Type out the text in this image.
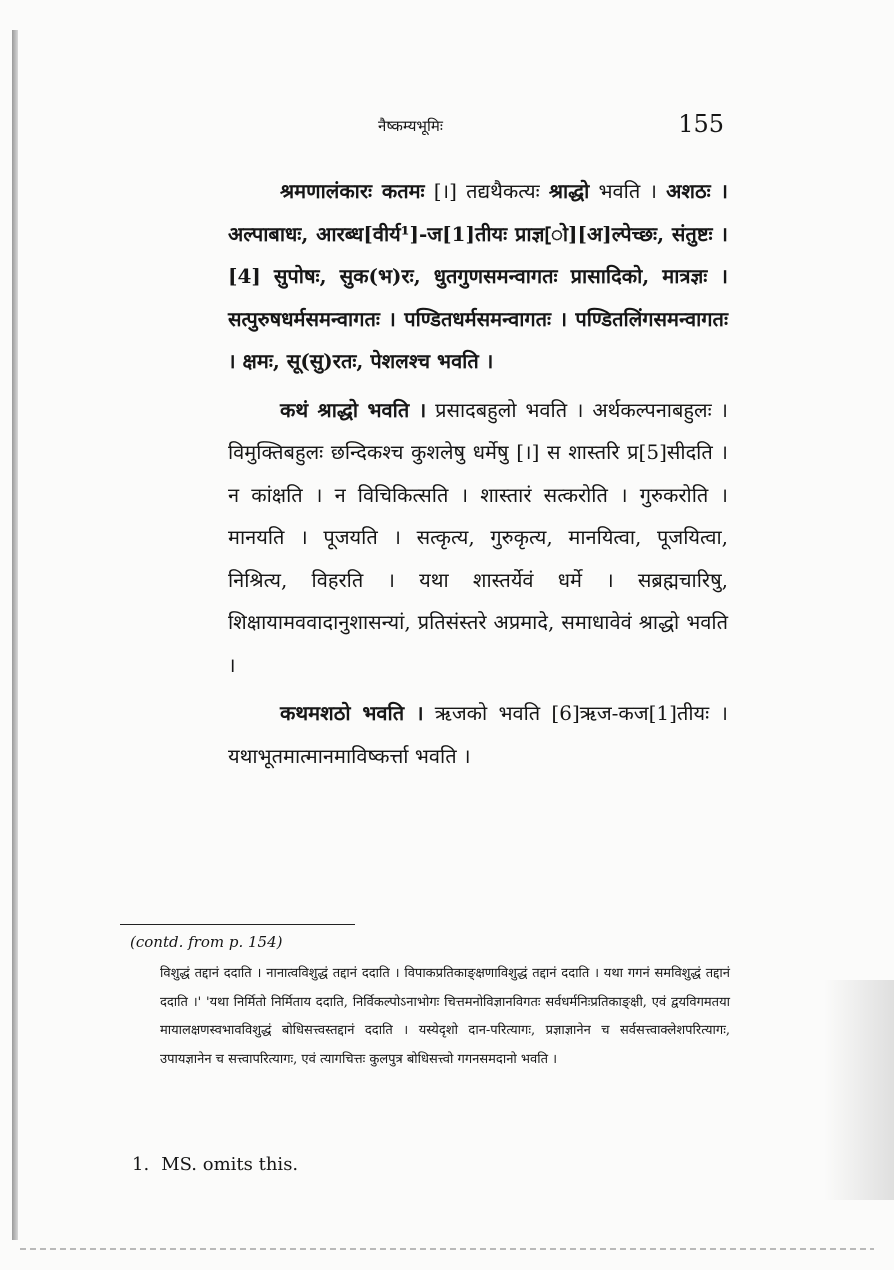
नैष्कम्यभूमिः	155

श्रमणालंकारः कतमः [।] तद्यथैकत्यः श्राद्धो भवति । अशठः । अल्पाबाधः, आरब्ध[वीर्य¹]-ज[1]तीयः प्राज्ञ[ो][अ]ल्पेच्छः, संतुष्टः । [4] सुपोषः, सुक(भ)रः, धुतगुणसमन्वागतः प्रासादिको, मात्रज्ञः । सत्पुरुषधर्मसमन्वागतः । पण्डितधर्मसमन्वागतः । पण्डितलिंगसमन्वागतः । क्षमः, सू(सु)रतः, पेशलश्च भवति ।

कथं श्राद्धो भवति । प्रसादबहुलो भवति । अर्थकल्पनाबहुलः । विमुक्तिबहुलः छन्दिकश्च कुशलेषु धर्मेषु [।] स शास्तरि प्र[5]सीदति । न कांक्षति । न विचिकित्सति । शास्तारं सत्करोति । गुरुकरोति । मानयति । पूजयति । सत्कृत्य, गुरुकृत्य, मानयित्वा, पूजयित्वा, निश्रित्य, विहरति । यथा शास्तर्येवं धर्मे । सब्रह्मचारिषु, शिक्षायामववादानुशासन्यां, प्रतिसंस्तरे अप्रमादे, समाधावेवं श्राद्धो भवति ।

कथमशठो भवति । ऋजको भवति [6]ऋज-कज[1]तीयः । यथाभूतमात्मानमाविष्कर्त्ता भवति ।

(contd. from p. 154)
विशुद्धं तद्दानं ददाति । नानात्वविशुद्धं तद्दानं ददाति । विपाकप्रतिकाङ्क्षणाविशुद्धं तद्दानं ददाति । यथा गगनं समविशुद्धं तद्दानं ददाति ।' 'यथा निर्मितो निर्मिताय ददाति, निर्विकल्पोऽनाभोगः चित्तमनोविज्ञानविगतः सर्वधर्मनिःप्रतिकाङ्क्षी, एवं द्वयविगमतया मायालक्षणस्वभावविशुद्धं बोधिसत्त्वस्तद्दानं ददाति । यस्येदृशो दान-परित्यागः, प्रज्ञाज्ञानेन च सर्वसत्त्वाक्लेशपरित्यागः, उपायज्ञानेन च सत्त्वापरित्यागः, एवं त्यागचित्तः कुलपुत्र बोधिसत्त्वो गगनसमदानो भवति ।
1. MS. omits this.
